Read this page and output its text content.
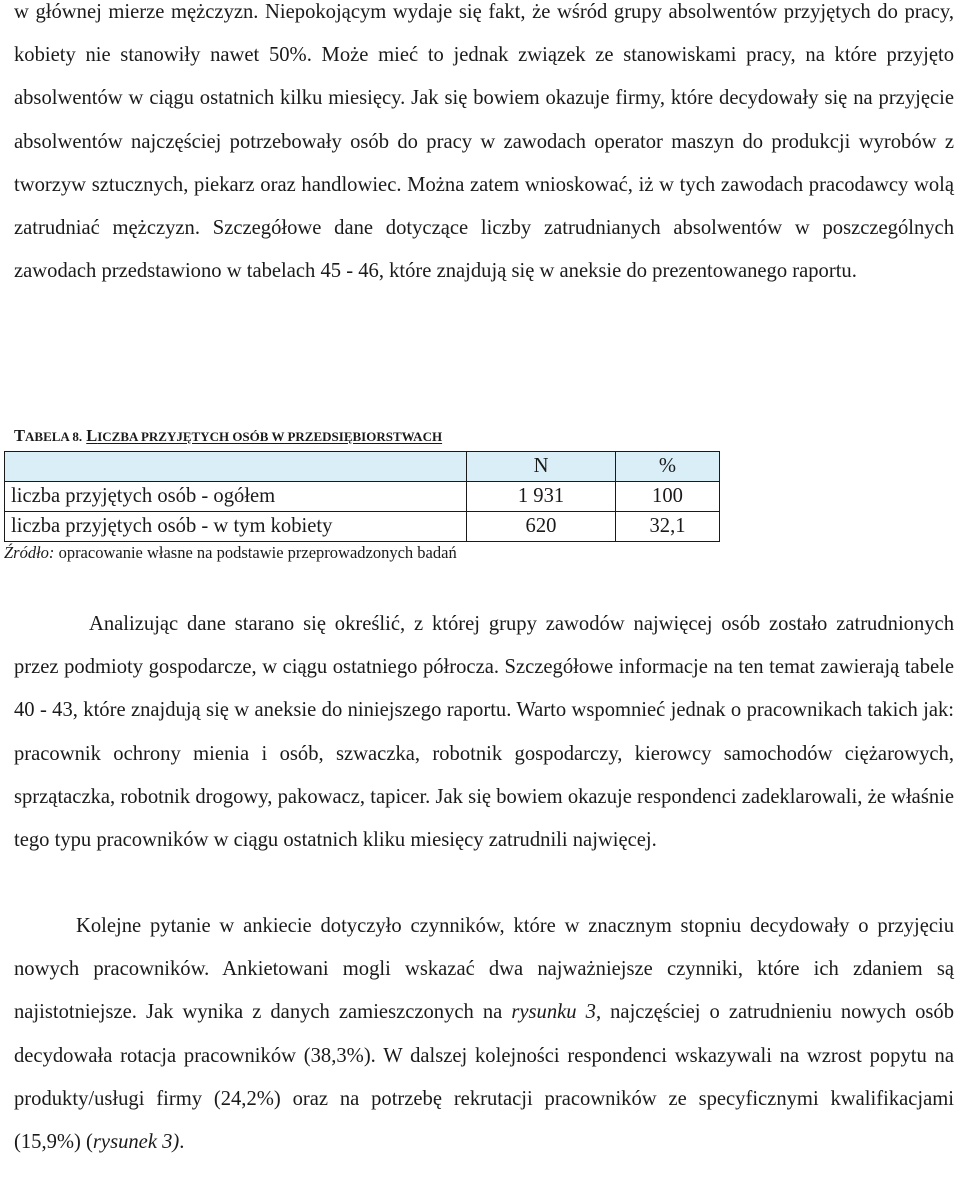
w głównej mierze mężczyzn. Niepokojącym wydaje się fakt, że wśród grupy absolwentów przyjętych do pracy, kobiety nie stanowiły nawet 50%. Może mieć to jednak związek ze stanowiskami pracy, na które przyjęto absolwentów w ciągu ostatnich kilku miesięcy. Jak się bowiem okazuje firmy, które decydowały się na przyjęcie absolwentów najczęściej potrzebowały osób do pracy w zawodach operator maszyn do produkcji wyrobów z tworzyw sztucznych, piekarz oraz handlowiec. Można zatem wnioskować, iż w tych zawodach pracodawcy wolą zatrudniać mężczyzn. Szczegółowe dane dotyczące liczby zatrudnianych absolwentów w poszczególnych zawodach przedstawiono w tabelach 45 - 46, które znajdują się w aneksie do prezentowanego raportu.

TABELA 8. LICZBA PRZYJĘTYCH OSÓB W PRZEDSIĘBIORSTWACH
	N	%
liczba przyjętych osób - ogółem	1 931	100
liczba przyjętych osób - w tym kobiety	620	32,1
Źródło: opracowanie własne na podstawie przeprowadzonych badań

Analizując dane starano się określić, z której grupy zawodów najwięcej osób zostało zatrudnionych przez podmioty gospodarcze, w ciągu ostatniego półrocza. Szczegółowe informacje na ten temat zawierają tabele 40 - 43, które znajdują się w aneksie do niniejszego raportu. Warto wspomnieć jednak o pracownikach takich jak: pracownik ochrony mienia i osób, szwaczka, robotnik gospodarczy, kierowcy samochodów ciężarowych, sprzątaczka, robotnik drogowy, pakowacz, tapicer. Jak się bowiem okazuje respondenci zadeklarowali, że właśnie tego typu pracowników w ciągu ostatnich kliku miesięcy zatrudnili najwięcej.

Kolejne pytanie w ankiecie dotyczyło czynników, które w znacznym stopniu decydowały o przyjęciu nowych pracowników. Ankietowani mogli wskazać dwa najważniejsze czynniki, które ich zdaniem są najistotniejsze. Jak wynika z danych zamieszczonych na rysunku 3, najczęściej o zatrudnieniu nowych osób decydowała rotacja pracowników (38,3%). W dalszej kolejności respondenci wskazywali na wzrost popytu na produkty/usługi firmy (24,2%) oraz na potrzebę rekrutacji pracowników ze specyficznymi kwalifikacjami (15,9%) (rysunek 3).
